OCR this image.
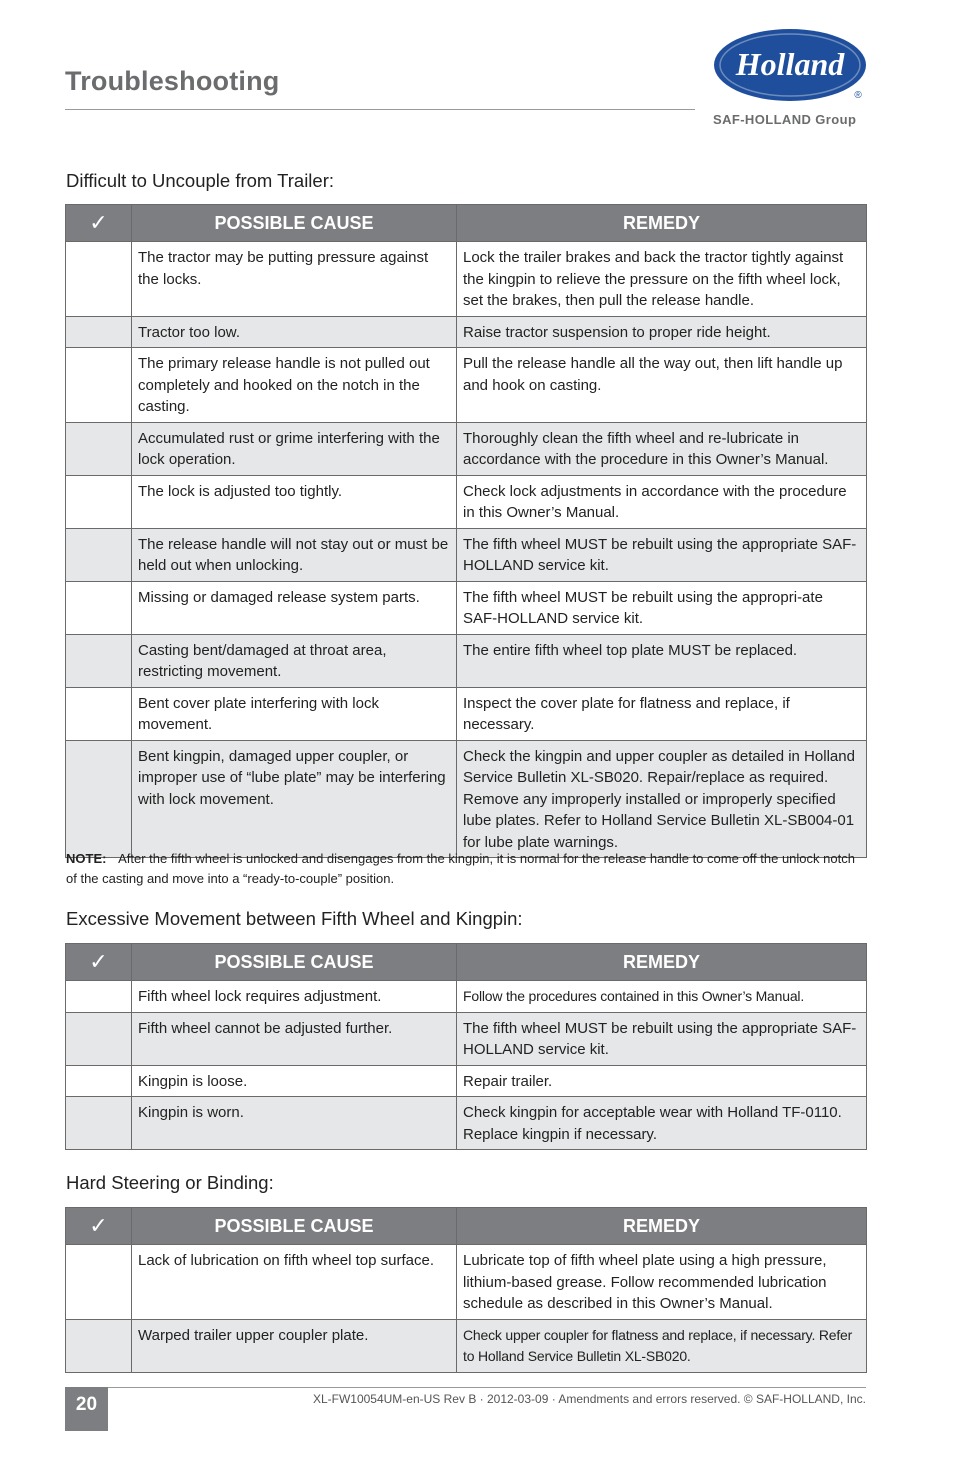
Troubleshooting	Holland
®
SAF-HOLLAND Group
Difficult to Uncouple from Trailer:
✓	POSSIBLE CAUSE	REMEDY
	The tractor may be putting pressure against the locks.	Lock the trailer brakes and back the tractor tightly against the kingpin to relieve the pressure on the fifth wheel lock, set the brakes, then pull the release handle.
	Tractor too low.	Raise tractor suspension to proper ride height.
	The primary release handle is not pulled out completely and hooked on the notch in the casting.	Pull the release handle all the way out, then lift handle up and hook on casting.
	Accumulated rust or grime interfering with the lock operation.	Thoroughly clean the fifth wheel and re-lubricate in accordance with the procedure in this Owner’s Manual.
	The lock is adjusted too tightly.	Check lock adjustments in accordance with the procedure in this Owner’s Manual.
	The release handle will not stay out or must be held out when unlocking.	The fifth wheel MUST be rebuilt using the appropriate SAF-HOLLAND service kit.
	Missing or damaged release system parts.	The fifth wheel MUST be rebuilt using the appropri-ate SAF-HOLLAND service kit.
	Casting bent/damaged at throat area, restricting movement.	The entire fifth wheel top plate MUST be replaced.
	Bent cover plate interfering with lock movement.	Inspect the cover plate for flatness and replace, if necessary.
	Bent kingpin, damaged upper coupler, or improper use of “lube plate” may be interfering with lock movement.	Check the kingpin and upper coupler as detailed in Holland Service Bulletin XL-SB020. Repair/replace as required. Remove any improperly installed or improperly specified lube plates. Refer to Holland Service Bulletin XL-SB004-01 for lube plate warnings.
NOTE: After the fifth wheel is unlocked and disengages from the kingpin, it is normal for the release handle to come off the unlock notch of the casting and move into a “ready-to-couple” position.
Excessive Movement between Fifth Wheel and Kingpin:
✓	POSSIBLE CAUSE	REMEDY
	Fifth wheel lock requires adjustment.	Follow the procedures contained in this Owner’s Manual.
	Fifth wheel cannot be adjusted further.	The fifth wheel MUST be rebuilt using the appropriate SAF-HOLLAND service kit.
	Kingpin is loose.	Repair trailer.
	Kingpin is worn.	Check kingpin for acceptable wear with Holland TF-0110. Replace kingpin if necessary.
Hard Steering or Binding:
✓	POSSIBLE CAUSE	REMEDY
	Lack of lubrication on fifth wheel top surface.	Lubricate top of fifth wheel plate using a high pressure, lithium-based grease. Follow recommended lubrication schedule as described in this Owner’s Manual.
	Warped trailer upper coupler plate.	Check upper coupler for flatness and replace, if necessary. Refer to Holland Service Bulletin XL-SB020.
20	XL-FW10054UM-en-US Rev B · 2012-03-09 · Amendments and errors reserved. © SAF-HOLLAND, Inc.
